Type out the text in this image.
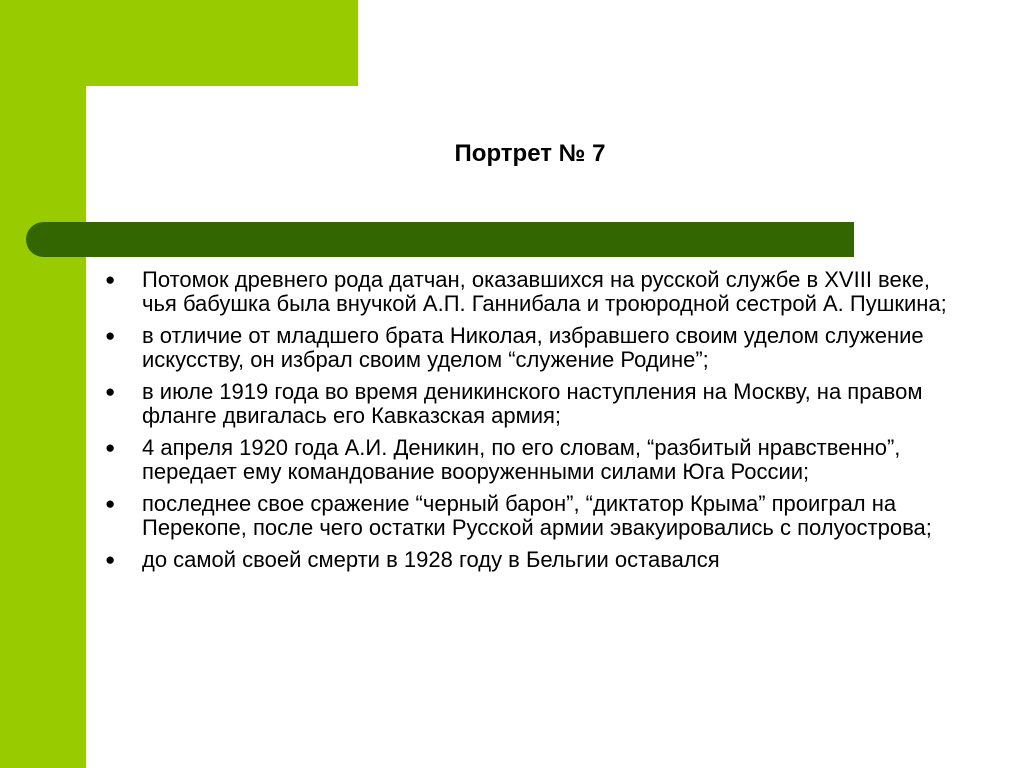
Портрет № 7
● Потомок древнего рода датчан, оказавшихся на русской службе в XVIII веке, чья бабушка была внучкой А.П. Ганнибала и троюродной сестрой А. Пушкина;
● в отличие от младшего брата Николая, избравшего своим уделом служение искусству, он избрал своим уделом “служение Родине”;
● в июле 1919 года во время деникинского наступления на Москву, на правом фланге двигалась его Кавказская армия;
● 4 апреля 1920 года А.И. Деникин, по его словам, “разбитый нравственно”, передает ему командование вооруженными силами Юга России;
● последнее свое сражение “черный барон”, “диктатор Крыма” проиграл на Перекопе, после чего остатки Русской армии эвакуировались с полуострова;
● до самой своей смерти в 1928 году в Бельгии оставался
